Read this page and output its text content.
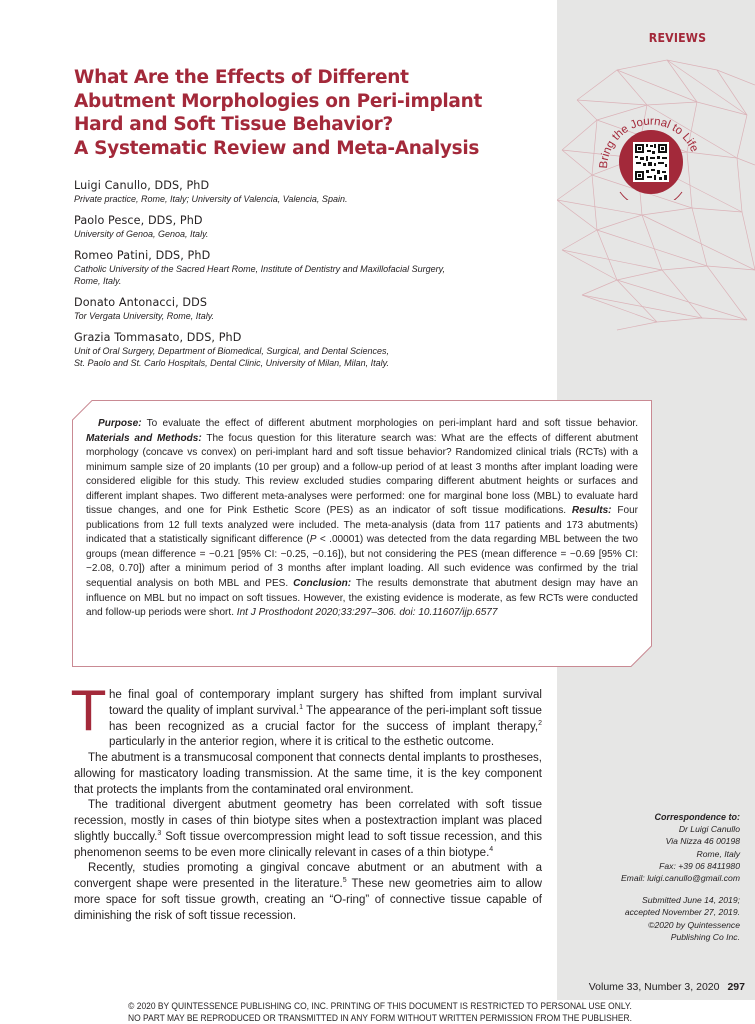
REVIEWS
Bring the Journal to Life
What Are the Effects of Different
Abutment Morphologies on Peri-implant
Hard and Soft Tissue Behavior?
A Systematic Review and Meta-Analysis
Luigi Canullo, DDS, PhD
Private practice, Rome, Italy; University of Valencia, Valencia, Spain.
Paolo Pesce, DDS, PhD
University of Genoa, Genoa, Italy.
Romeo Patini, DDS, PhD
Catholic University of the Sacred Heart Rome, Institute of Dentistry and Maxillofacial Surgery,
Rome, Italy.
Donato Antonacci, DDS
Tor Vergata University, Rome, Italy.
Grazia Tommasato, DDS, PhD
Unit of Oral Surgery, Department of Biomedical, Surgical, and Dental Sciences,
St. Paolo and St. Carlo Hospitals, Dental Clinic, University of Milan, Milan, Italy.

Purpose: To evaluate the effect of different abutment morphologies on peri-implant hard and soft tissue behavior. Materials and Methods: The focus question for this literature search was: What are the effects of different abutment morphology (concave vs convex) on peri-implant hard and soft tissue behavior? Randomized clinical trials (RCTs) with a minimum sample size of 20 implants (10 per group) and a follow-up period of at least 3 months after implant loading were considered eligible for this study. This review excluded studies comparing different abutment heights or surfaces and different implant shapes. Two different meta-analyses were performed: one for marginal bone loss (MBL) to evaluate hard tissue changes, and one for Pink Esthetic Score (PES) as an indicator of soft tissue modifications. Results: Four publications from 12 full texts analyzed were included. The meta-analysis (data from 117 patients and 173 abutments) indicated that a statistically significant difference (P < .00001) was detected from the data regarding MBL between the two groups (mean difference = −0.21 [95% CI: −0.25, −0.16]), but not considering the PES (mean difference = −0.69 [95% CI: −2.08, 0.70]) after a minimum period of 3 months after implant loading. All such evidence was confirmed by the trial sequential analysis on both MBL and PES. Conclusion: The results demonstrate that abutment design may have an influence on MBL but no impact on soft tissues. However, the existing evidence is moderate, as few RCTs were conducted and follow-up periods were short. Int J Prosthodont 2020;33:297–306. doi: 10.11607/ijp.6577

The final goal of contemporary implant surgery has shifted from implant survival toward the quality of implant survival.$^1$ The appearance of the peri-implant soft tissue has been recognized as a crucial factor for the success of implant therapy,$^2$ particularly in the anterior region, where it is critical to the esthetic outcome.

The abutment is a transmucosal component that connects dental implants to prostheses, allowing for masticatory loading transmission. At the same time, it is the key component that protects the implants from the contaminated oral environment.

The traditional divergent abutment geometry has been correlated with soft tissue recession, mostly in cases of thin biotype sites when a postextraction implant was placed slightly buccally.$^3$ Soft tissue overcompression might lead to soft tissue recession, and this phenomenon seems to be even more clinically relevant in cases of a thin biotype.$^4$

Recently, studies promoting a gingival concave abutment or an abutment with a convergent shape were presented in the literature.$^5$ These new geometries aim to allow more space for soft tissue growth, creating an “O-ring” of connective tissue capable of diminishing the risk of soft tissue recession.

Correspondence to:
Dr Luigi Canullo
Via Nizza 46 00198
Rome, Italy
Fax: +39 06 8411980
Email: luigi.canullo@gmail.com
Submitted June 14, 2019;
accepted November 27, 2019.
©2020 by Quintessence
Publishing Co Inc.
Volume 33, Number 3, 2020 297
© 2020 BY QUINTESSENCE PUBLISHING CO, INC. PRINTING OF THIS DOCUMENT IS RESTRICTED TO PERSONAL USE ONLY.
NO PART MAY BE REPRODUCED OR TRANSMITTED IN ANY FORM WITHOUT WRITTEN PERMISSION FROM THE PUBLISHER.
